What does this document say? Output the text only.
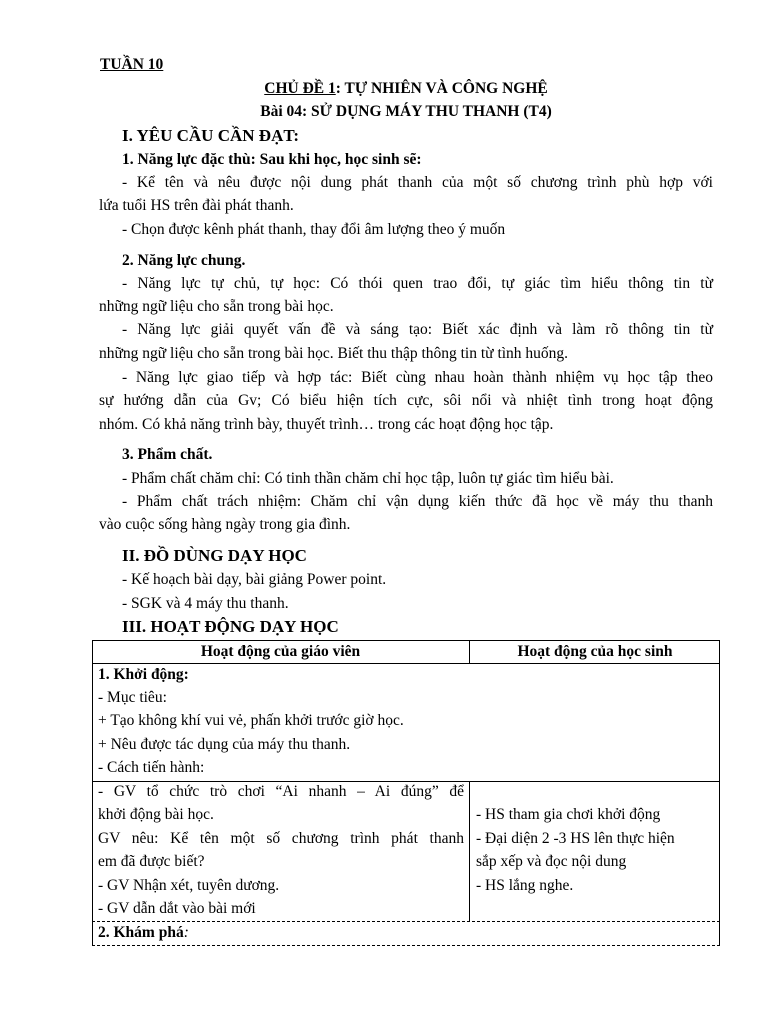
TUẦN 10
CHỦ ĐỀ 1: TỰ NHIÊN VÀ CÔNG NGHỆ
Bài 04: SỬ DỤNG MÁY THU THANH (T4)
I. YÊU CẦU CẦN ĐẠT:
1. Năng lực đặc thù: Sau khi học, học sinh sẽ:
- Kể tên và nêu được nội dung phát thanh của một số chương trình phù hợp với
lứa tuổi HS trên đài phát thanh.
- Chọn được kênh phát thanh, thay đổi âm lượng theo ý muốn
2. Năng lực chung.
- Năng lực tự chủ, tự học: Có thói quen trao đổi, tự giác tìm hiểu thông tin từ
những ngữ liệu cho sẵn trong bài học.
- Năng lực giải quyết vấn đề và sáng tạo: Biết xác định và làm rõ thông tin từ
những ngữ liệu cho sẵn trong bài học. Biết thu thập thông tin từ tình huống.
- Năng lực giao tiếp và hợp tác: Biết cùng nhau hoàn thành nhiệm vụ học tập theo
sự hướng dẫn của Gv; Có biểu hiện tích cực, sôi nổi và nhiệt tình trong hoạt động
nhóm. Có khả năng trình bày, thuyết trình… trong các hoạt động học tập.
3. Phẩm chất.
- Phẩm chất chăm chỉ: Có tinh thần chăm chỉ học tập, luôn tự giác tìm hiểu bài.
- Phẩm chất trách nhiệm: Chăm chỉ vận dụng kiến thức đã học về máy thu thanh
vào cuộc sống hàng ngày trong gia đình.
II. ĐỒ DÙNG DẠY HỌC
- Kế hoạch bài dạy, bài giảng Power point.
- SGK và 4 máy thu thanh.
III. HOẠT ĐỘNG DẠY HỌC
Hoạt động của giáo viên	Hoạt động của học sinh
1. Khởi động:
- Mục tiêu:
+ Tạo không khí vui vẻ, phấn khởi trước giờ học.
+ Nêu được tác dụng của máy thu thanh.
- Cách tiến hành:
- GV tổ chức trò chơi “Ai nhanh – Ai đúng” để
khởi động bài học.
GV nêu: Kể tên một số chương trình phát thanh
em đã được biết?
- GV Nhận xét, tuyên dương.
- GV dẫn dắt vào bài mới
- HS tham gia chơi khởi động
- Đại diện 2 -3 HS lên thực hiện
sắp xếp và đọc nội dung
- HS lắng nghe.
2. Khám phá:
